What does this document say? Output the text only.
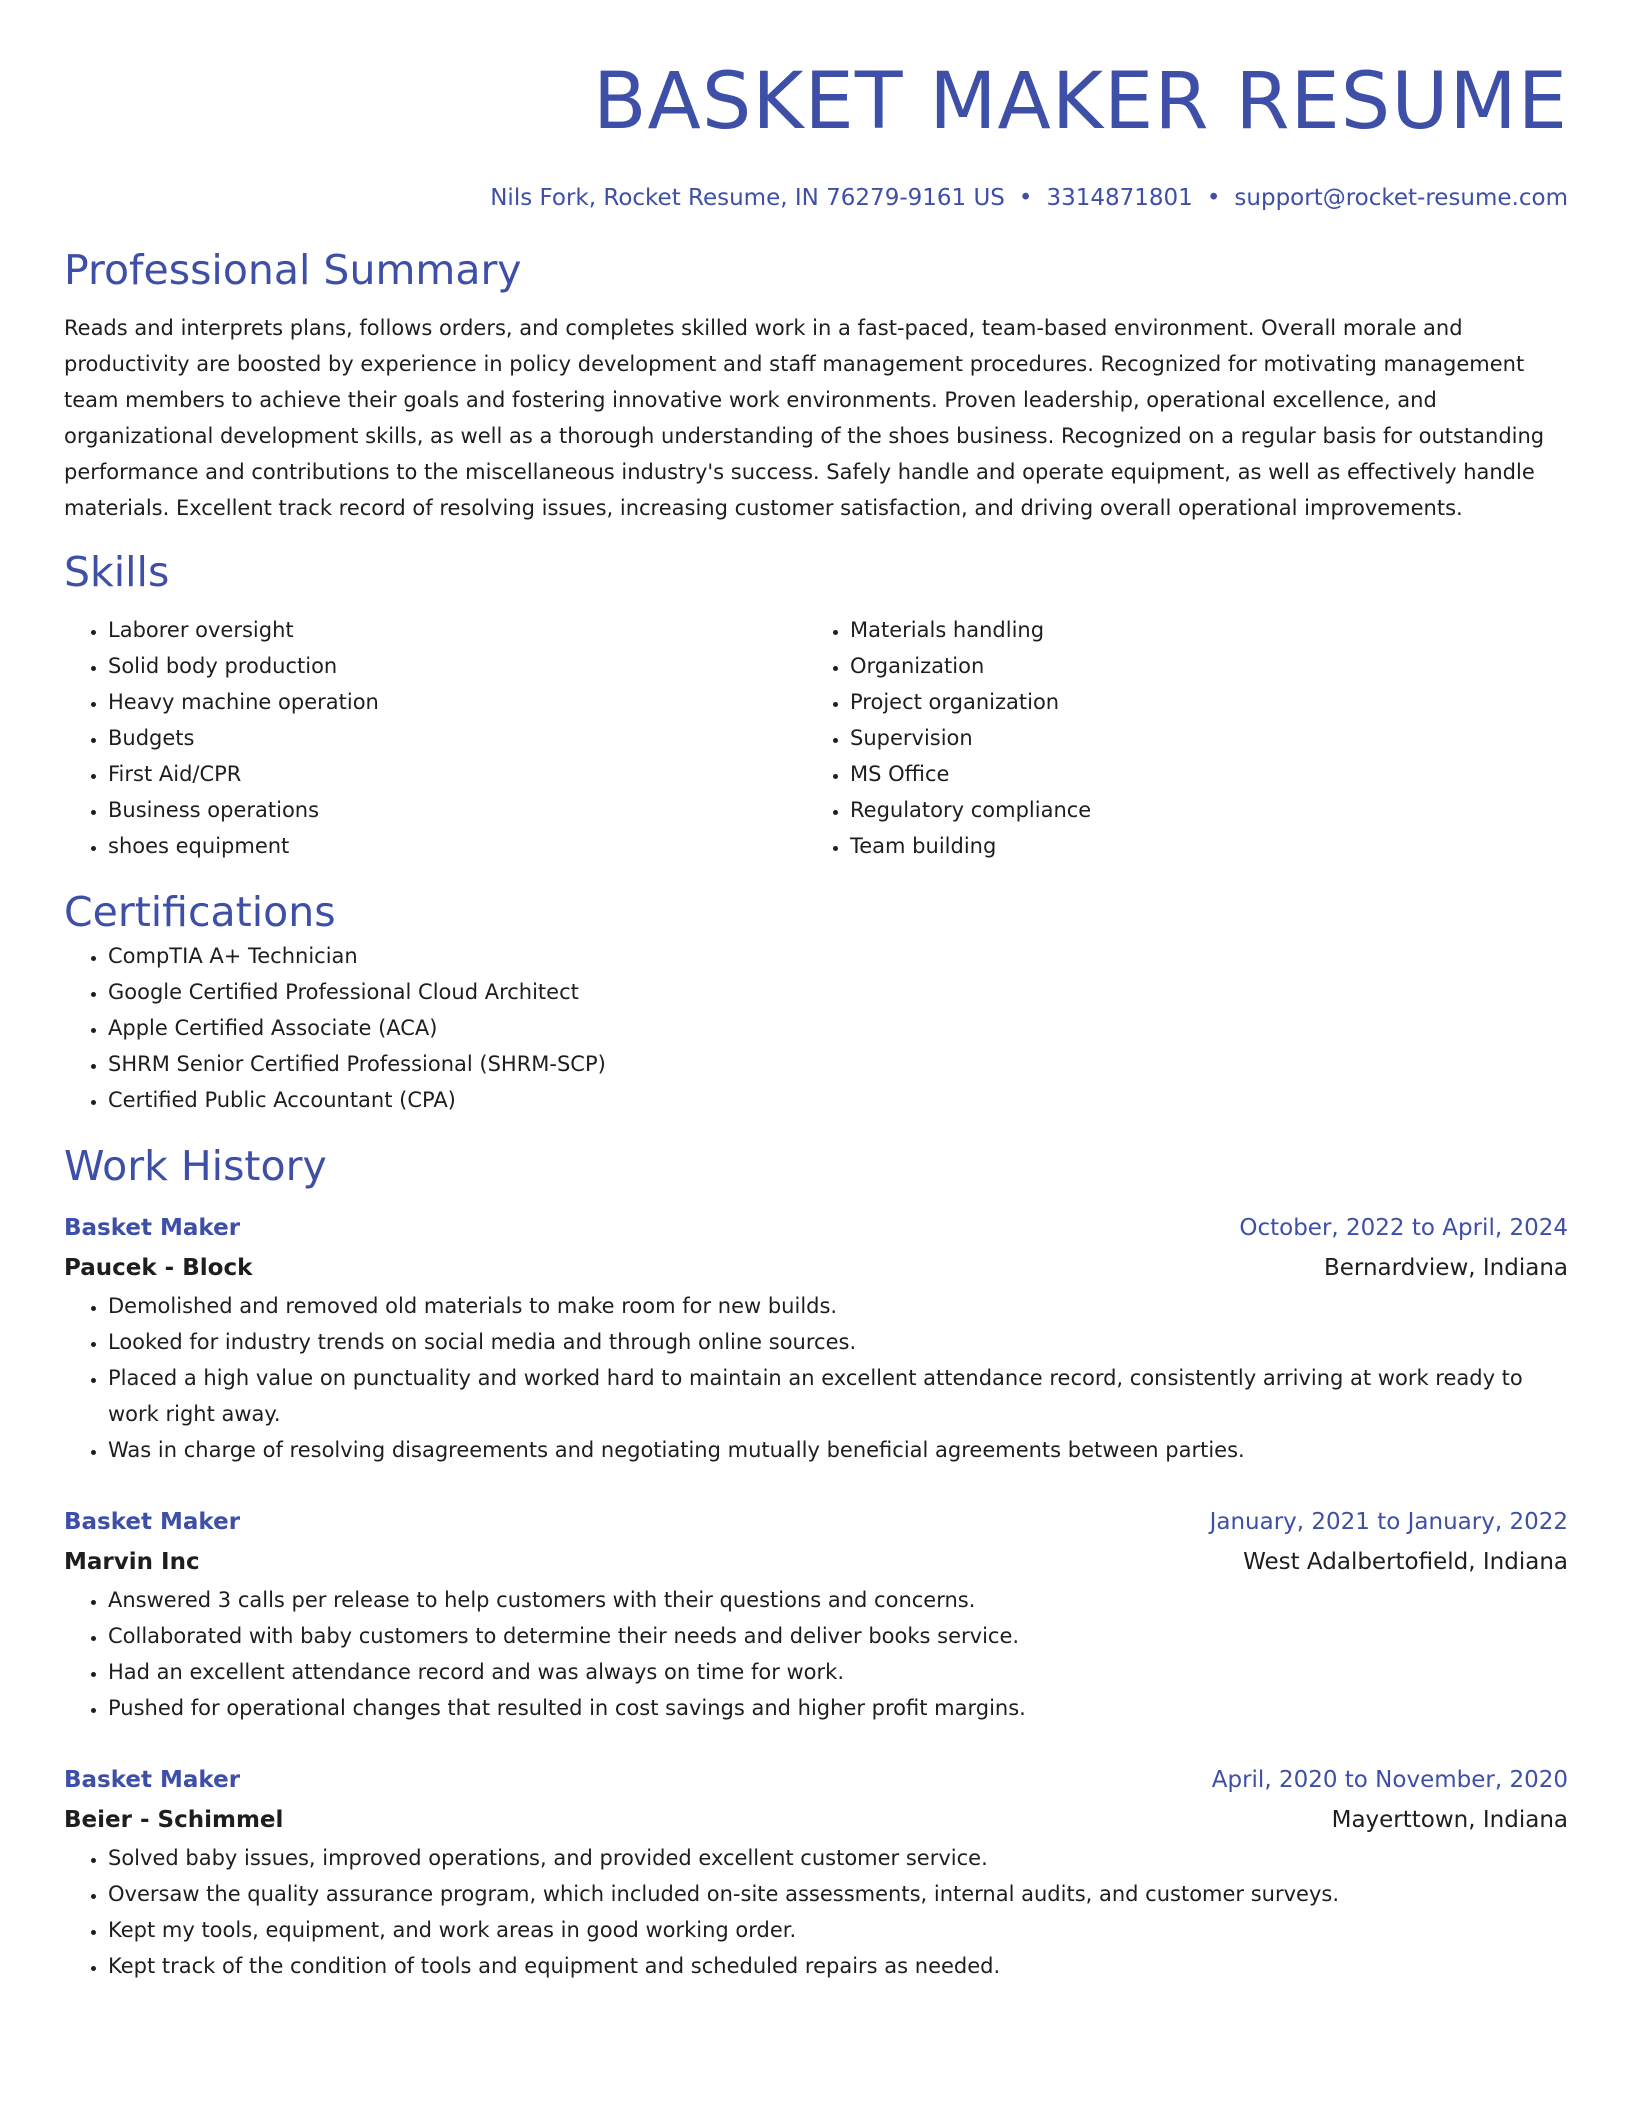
BASKET MAKER RESUME
Nils Fork, Rocket Resume, IN 76279-9161 US • 3314871801 • support@rocket-resume.com
Professional Summary
Reads and interprets plans, follows orders, and completes skilled work in a fast-paced, team-based environment. Overall morale and productivity are boosted by experience in policy development and staff management procedures. Recognized for motivating management team members to achieve their goals and fostering innovative work environments. Proven leadership, operational excellence, and organizational development skills, as well as a thorough understanding of the shoes business. Recognized on a regular basis for outstanding performance and contributions to the miscellaneous industry's success. Safely handle and operate equipment, as well as effectively handle materials. Excellent track record of resolving issues, increasing customer satisfaction, and driving overall operational improvements.
Skills
• Laborer oversight
• Solid body production
• Heavy machine operation
• Budgets
• First Aid/CPR
• Business operations
• shoes equipment
• Materials handling
• Organization
• Project organization
• Supervision
• MS Office
• Regulatory compliance
• Team building
Certifications
• CompTIA A+ Technician
• Google Certified Professional Cloud Architect
• Apple Certified Associate (ACA)
• SHRM Senior Certified Professional (SHRM-SCP)
• Certified Public Accountant (CPA)
Work History
Basket Maker	October, 2022 to April, 2024
Paucek - Block	Bernardview, Indiana
• Demolished and removed old materials to make room for new builds.
• Looked for industry trends on social media and through online sources.
• Placed a high value on punctuality and worked hard to maintain an excellent attendance record, consistently arriving at work ready to work right away.
• Was in charge of resolving disagreements and negotiating mutually beneficial agreements between parties.
Basket Maker	January, 2021 to January, 2022
Marvin Inc	West Adalbertofield, Indiana
• Answered 3 calls per release to help customers with their questions and concerns.
• Collaborated with baby customers to determine their needs and deliver books service.
• Had an excellent attendance record and was always on time for work.
• Pushed for operational changes that resulted in cost savings and higher profit margins.
Basket Maker	April, 2020 to November, 2020
Beier - Schimmel	Mayerttown, Indiana
• Solved baby issues, improved operations, and provided excellent customer service.
• Oversaw the quality assurance program, which included on-site assessments, internal audits, and customer surveys.
• Kept my tools, equipment, and work areas in good working order.
• Kept track of the condition of tools and equipment and scheduled repairs as needed.
